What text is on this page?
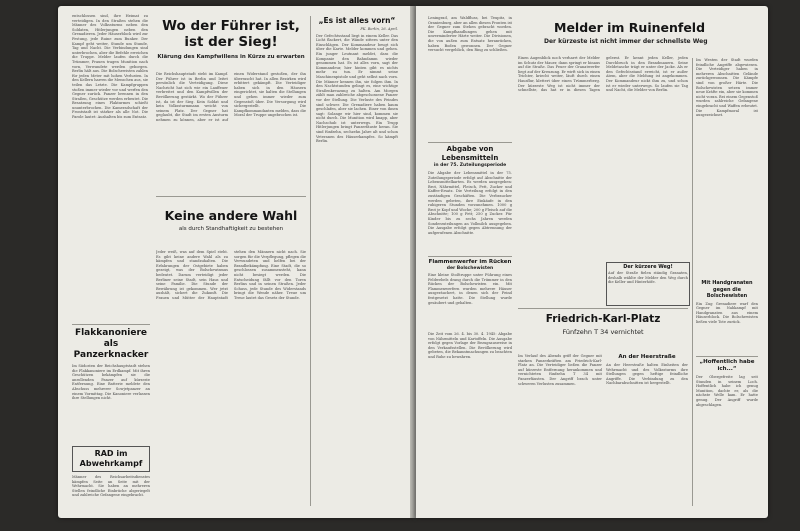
entschlossen sind, ihre Heimat zu verteidigen. In den Straßen stehen die Männer des Volkssturms neben den Soldaten, Hitlerjungen neben den Grenadieren. Jeder Häuserblock wird zur Festung, jede Ruine zum Bunker. Der Kampf geht weiter, Stunde um Stunde, Tag und Nacht. Die Verbindungen sind unterbrochen, aber die Befehle erreichen die Truppe. Melder laufen durch die Trümmer, Frauen tragen Munition nach vorn, Verwundete werden geborgen. Berlin hält aus. Die Bolschewisten zahlen für jeden Meter mit hohen Verlusten. In den Kellern harren die Menschen aus, sie teilen das Letzte. Die Kampfgruppen stoßen immer wieder vor und werfen den Gegner zurück. Panzer brennen in den Straßen, Geschütze werden erbeutet. Die Besatzung eines Flakturmes schießt ununterbrochen. Die Kameradschaft der Frontstadt ist stärker als alle Not. Die Parole lautet: Aushalten bis zum Entsatz.

Flakkanoniere als Panzerknacker

Im Südosten der Reichshauptstadt stehen die Flakkanoniere im Erdkampf. Mit ihren Geschützen bekämpfen sie die anrollenden Panzer auf kürzeste Entfernung. Eine Batterie meldete den Abschuss mehrerer Sowjetpanzer an einem Vormittag. Die Kanoniere verlassen ihre Stellungen nicht.

RAD im Abwehrkampf

Männer des Reichsarbeitsdienstes kämpfen Seite an Seite mit der Wehrmacht. Sie haben an mehreren Stellen feindliche Einbrüche abgeriegelt und zahlreiche Gefangene eingebracht.

Wo der Führer ist, ist der Sieg!

Klärung des Kampfwillens in Kürze zu erwarten

Die Reichshauptstadt steht im Kampf. Der Führer ist in Berlin und leitet persönlich die Verteidigung. Diese Nachricht hat sich wie ein Lauffeuer verbreitet und den Kampfwillen der Bevölkerung gestärkt. Wo der Führer ist, da ist der Sieg. Kein Soldat und kein Volkssturmmann weicht von seinem Platz. Der Gegner hat geglaubt, die Stadt im ersten Ansturm nehmen zu können, aber er ist auf einen Widerstand gestoßen, der ihn überrascht hat. In allen Bezirken wird erbittert gekämpft. Die Verteidiger haben sich in den Häusern eingerichtet, sie halten die Stellungen und gehen immer wieder zum Gegenstoß über. Die Versorgung wird sichergestellt. Die Kampfkommandanten melden, dass die Moral der Truppe ungebrochen ist.

Keine andere Wahl

als durch Standhaftigkeit zu bestehen

Jeder weiß, was auf dem Spiel steht. Es gibt keine andere Wahl als zu kämpfen und standzuhalten. Die Erfahrungen der Ostgebiete haben gezeigt, was der Bolschewismus bedeutet. Darum verteidigt jeder Berliner seine Stadt, sein Haus und seine Familie. Die Stunde der Bewährung ist gekommen. Wer jetzt aushält, sichert die Zukunft. Die Frauen und Mütter der Hauptstadt stehen den Männern nicht nach. Sie sorgen für die Verpflegung, pflegen die Verwundeten und helfen bei der Brandbekämpfung. Eine Stadt, die so geschlossen zusammensteht, kann nicht besiegt werden. Die Entscheidung fällt vor den Toren Berlins und in seinen Straßen. Jeder Schuss, jede Stunde des Widerstands bringt die Wende näher. Treue um Treue lautet das Gesetz der Stunde.

„Es ist alles vorn“

PK. Berlin, 26. April.

Der Gefechtsstand liegt in einem Keller. Das Licht flackert, die Wände zittern unter den Einschlägen. Der Kommandeur beugt sich über die Karte. Melder kommen und gehen. Ein junger Leutnant meldet, dass die Kompanie den Bahndamm wieder genommen hat. Es ist alles vorn, sagt der Kommandeur, hier hinten gibt es nichts mehr zu tun. Er nimmt seine Maschinenpistole und geht selbst nach vorn. Die Männer kennen ihn, sie folgen ihm. In den Nachtstunden gelingt es, eine wichtige Straßenkreuzung zu halten. Am Morgen zählt man zahlreiche abgeschossene Panzer vor der Stellung. Die Verluste des Feindes sind schwer. Die Grenadiere haben kaum geschlafen, aber sie lachen. Einer von ihnen sagt: Solange wir hier sind, kommen sie nicht durch. Die Munition wird knapp, aber Nachschub ist unterwegs. Ein Trupp Hitlerjungen bringt Panzerfäuste heran. Sie sind fünfzehn, sechzehn Jahre alt und schon Veteranen des Häuserkampfes. So kämpft Berlin.

Leningrad, am Waldfluss, bei Teupitz, in Oranienburg, aber an allen diesen Fronten ist der Gegner zum Stehen gebracht worden. Die Kampfhandlungen gehen mit unverminderter Härte weiter. Die Divisionen, die von außen zum Entsatz heranrücken, haben Boden gewonnen. Der Gegner versucht vergeblich, den Ring zu schließen.

Abgabe von Lebensmitteln

in der 75. Zuteilungsperiode

Die Abgabe der Lebensmittel in der 75. Zuteilungsperiode erfolgt auf Abschnitte der Lebensmittelkarten. Es werden ausgegeben: Brot, Nährmittel, Fleisch, Fett, Zucker und Kaffee-Ersatz. Die Verteilung erfolgt in den zuständigen Geschäften. Die Verbraucher werden gebeten, ihre Einkäufe in den ruhigeren Stunden vorzunehmen. 1000 g Brot je Kopf und Woche; 200 g Fleisch auf die Abschnitte; 100 g Fett; 250 g Zucker. Für Kinder bis zu sechs Jahren werden Sonderzuteilungen an Vollmilch ausgegeben. Die Ausgabe erfolgt gegen Abtrennung der aufgerufenen Abschnitte.

Flammenwerfer im Rücken

der Bolschewisten

Eine kleine Stoßtruppe unter Führung eines Feldwebels drang durch die Trümmer in den Rücken der Bolschewisten ein. Mit Flammenwerfern wurden mehrere Häuser ausgeräuchert, in denen sich der Feind festgesetzt hatte. Die Stellung wurde gesäubert und gehalten.

Die Zeit vom 26. 4. bis 30. 4. 1945: Abgabe von Nährmitteln und Kartoffeln. Die Ausgabe erfolgt gegen Vorlage der Bezugsausweise in den Verkaufsstellen. Die Bevölkerung wird gebeten, die Bekanntmachungen zu beachten und Ruhe zu bewahren.

Melder im Ruinenfeld

Der kürzeste ist nicht immer der schnellste Weg

Einen Augenblick noch verharrt der Melder im Schutz der Mauer, dann springt er hinaus auf die Straße. Das Feuer der Granatwerfer liegt auf der Kreuzung. Er wirft sich in einen Trichter, kriecht weiter, läuft durch einen Hausflur, klettert über einen Trümmerberg. Der kürzeste Weg ist nicht immer der schnellste, das hat er in diesen Tagen gelernt. Er kennt jeden Keller, jeden Durchbruch in den Brandmauern. Seine Meldetasche trägt er unter der Jacke. Als er den Gefechtsstand erreicht, ist er außer Atem, aber die Meldung ist angekommen. Der Kommandeur nickt ihm zu, und schon ist er wieder unterwegs. So laufen sie Tag und Nacht, die Melder von Berlin.

Der kürzere Weg!

Auf der Straße fielen ständig Granaten, deshalb wählte der Melder den Weg durch die Keller und Hinterhöfe.

Friedrich-Karl-Platz

Fünfzehn T 34 vernichtet

Im Verlauf des Abends griff der Gegner mit starken Panzerkräften am Friedrich-Karl-Platz an. Die Verteidiger ließen die Panzer auf kürzeste Entfernung herankommen und vernichteten fünfzehn T 34 mit Panzerfäusten. Der Angriff brach unter schweren Verlusten zusammen.

An der Heerstraße

An der Heerstraße halten Einheiten der Wehrmacht und des Volkssturms ihre Stellungen gegen heftige feindliche Angriffe. Die Verbindung zu den Nachbarabschnitten ist hergestellt.

Im Westen der Stadt wurden feindliche Angriffe abgewiesen. Die Verteidiger haben in mehreren Abschnitten Gelände zurückgewonnen. Die Kämpfe sind von großer Härte. Die Bolschewisten setzen immer neue Kräfte ein, aber sie kommen nicht voran. Bei einem Gegenstoß wurden zahlreiche Gefangene eingebracht und Waffen erbeutet. Die Kampfmoral ist ausgezeichnet.

Mit Handgranaten gegen die Bolschewisten

Ein Zug Grenadiere warf den Gegner im Nahkampf mit Handgranaten aus einem Häuserblock. Die Bolschewisten ließen viele Tote zurück.

„Hoffentlich habe ich...“

Der Obergefreite lag seit Stunden in seinem Loch. Hoffentlich habe ich genug Munition, dachte er, als die nächste Welle kam. Er hatte genug. Der Angriff wurde abgeschlagen.
